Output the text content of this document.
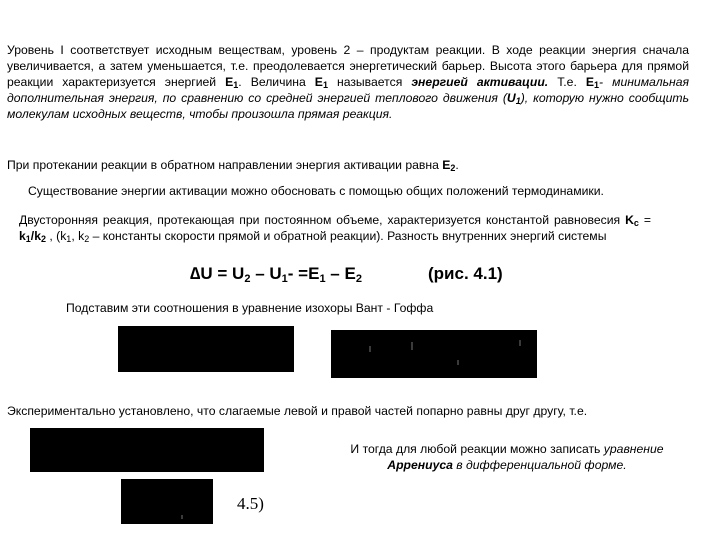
Уровень I соответствует исходным веществам, уровень 2 – продуктам реакции. В ходе реакции энергия сначала увеличивается, а затем уменьшается, т.е. преодолевается энергетический барьер. Высота этого барьера для прямой реакции характеризуется энергией $E_1$. Величина $E_1$ называется энергией активации. Т.е. $E_1-$ минимальная дополнительная энергия, по сравнению со средней энергией теплового движения $(U_1)$, которую нужно сообщить молекулам исходных веществ, чтобы произошла прямая реакция.
При протекании реакции в обратном направлении энергия активации равна $E_2$.
Существование энергии активации можно обосновать с помощью общих положений термодинамики.
Двусторонняя реакция, протекающая при постоянном объеме, характеризуется константой равновесия $K_c = k_1/k_2$ , ($k_1$, $k_2$ – константы скорости прямой и обратной реакции). Разность внутренних энергий системы
$\Delta U = U_2 - U_1- =E_1 - E_2$	(рис. 4.1)
Подставим эти соотношения в уравнение изохоры Вант - Гоффа
Экспериментально установлено, что слагаемые левой и правой частей попарно равны друг другу, т.е.
И тогда для любой реакции можно записать уравнение Аррениуса в дифференциальной форме.
4.5)
